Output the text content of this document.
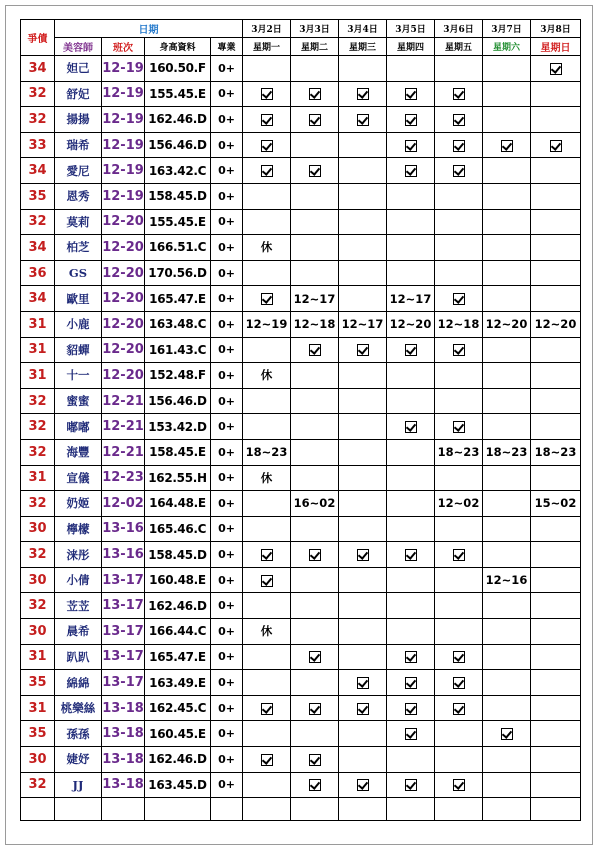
爭債	日期				3月2日	3月3日	3月4日	3月5日	3月6日	3月7日	3月8日
	美容師	班次	身高資料	專業	星期一	星期二	星期三	星期四	星期五	星期六	星期日
34	妲己	12-19	160.50.F	0+							
32	舒妃	12-19	155.45.E	0+							
32	揚揚	12-19	162.46.D	0+							
33	瑞希	12-19	156.46.D	0+							
34	愛尼	12-19	163.42.C	0+							
35	恩秀	12-19	158.45.D	0+							
32	莫莉	12-20	155.45.E	0+							
34	柏芝	12-20	166.51.C	0+	休						
36	GS	12-20	170.56.D	0+							
34	歐里	12-20	165.47.E	0+		12~17		12~17			
31	小鹿	12-20	163.48.C	0+	12~19	12~18	12~17	12~20	12~18	12~20	12~20
31	貂蟬	12-20	161.43.C	0+							
31	十一	12-20	152.48.F	0+	休						
32	蜜蜜	12-21	156.46.D	0+							
32	嘟嘟	12-21	153.42.D	0+							
32	海豐	12-21	158.45.E	0+	18~23				18~23	18~23	18~23
31	宣儀	12-23	162.55.H	0+	休						
32	奶姬	12-02	164.48.E	0+		16~02			12~02		15~02
30	檸檬	13-16	165.46.C	0+							
32	涞彤	13-16	158.45.D	0+							
30	小倩	13-17	160.48.E	0+						12~16	
32	苙苙	13-17	162.46.D	0+							
30	晨希	13-17	166.44.C	0+	休						
31	趴趴	13-17	165.47.E	0+							
35	綿綿	13-17	163.49.E	0+							
31	桃樂絲	13-18	162.45.C	0+							
35	孫孫	13-18	160.45.E	0+							
30	婕妤	13-18	162.46.D	0+							
32	JJ	13-18	163.45.D	0+							
